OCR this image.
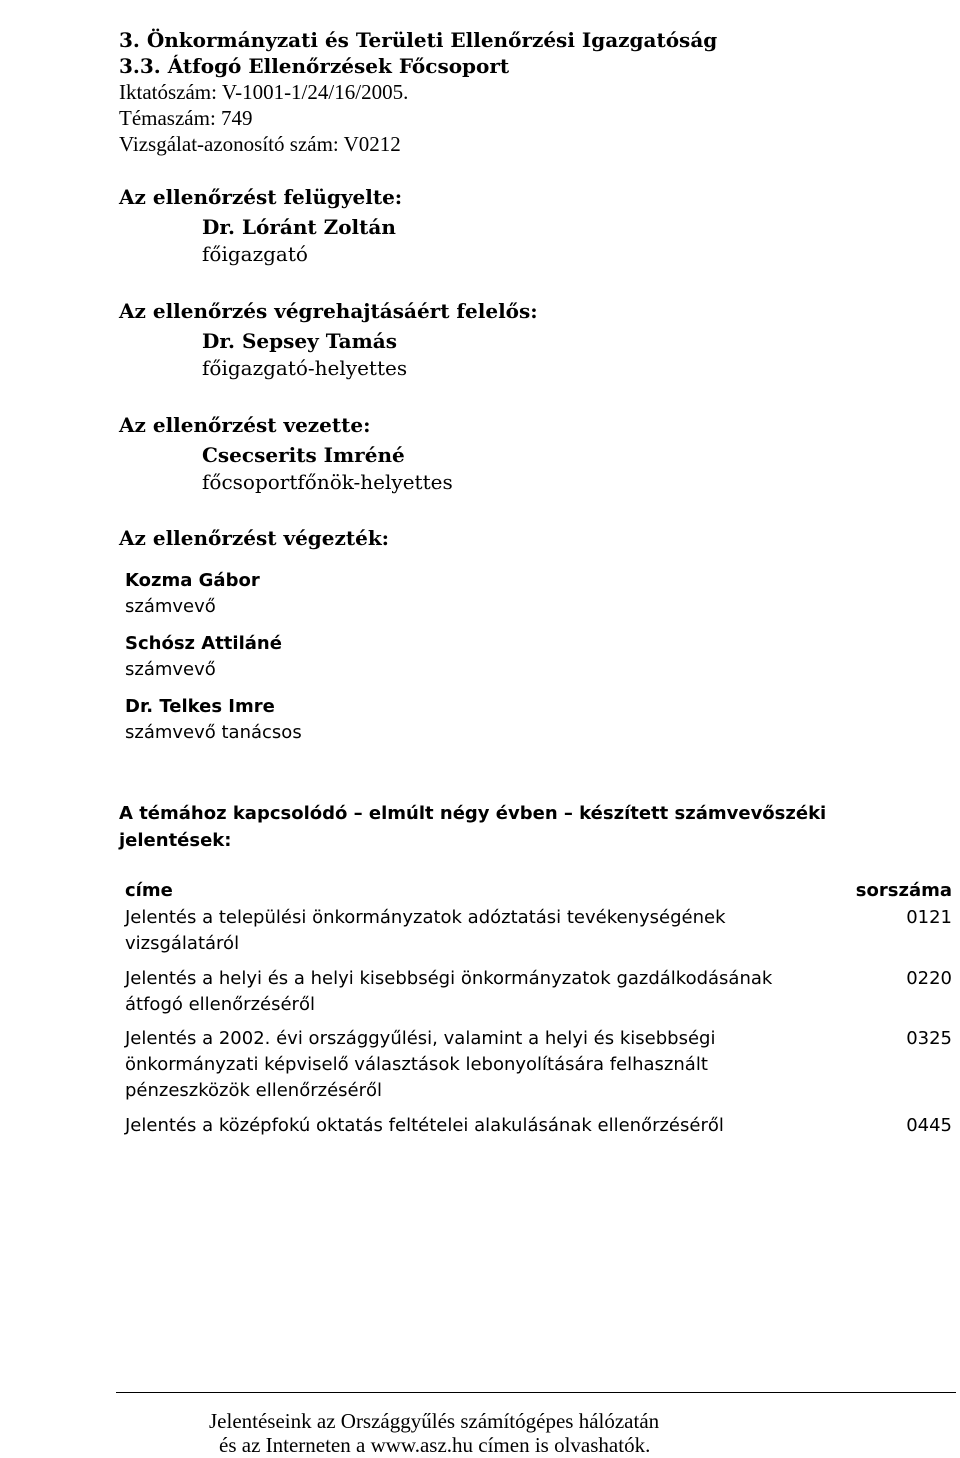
3. Önkormányzati és Területi Ellenőrzési Igazgatóság
3.3. Átfogó Ellenőrzések Főcsoport
Iktatószám: V-1001-1/24/16/2005.
Témaszám: 749
Vizsgálat-azonosító szám: V0212
Az ellenőrzést felügyelte:
Dr. Lóránt Zoltán
főigazgató
Az ellenőrzés végrehajtásáért felelős:
Dr. Sepsey Tamás
főigazgató-helyettes
Az ellenőrzést vezette:
Csecserits Imréné
főcsoportfőnök-helyettes
Az ellenőrzést végezték:
Kozma Gábor
számvevő
Schósz Attiláné
számvevő
Dr. Telkes Imre
számvevő tanácsos
A témához kapcsolódó – elmúlt négy évben – készített számvevőszéki
jelentések:
címe	sorszáma
Jelentés a települési önkormányzatok adóztatási tevékenységének vizsgálatáról
0121
Jelentés a helyi és a helyi kisebbségi önkormányzatok gazdálkodásának átfogó ellenőrzéséről
0220
Jelentés a 2002. évi országgyűlési, valamint a helyi és kisebbségi önkormányzati képviselő választások lebonyolítására felhasznált pénzeszközök ellenőrzéséről
0325
Jelentés a középfokú oktatás feltételei alakulásának ellenőrzéséről	0445
Jelentéseink az Országgyűlés számítógépes hálózatán
és az Interneten a www.asz.hu címen is olvashatók.
